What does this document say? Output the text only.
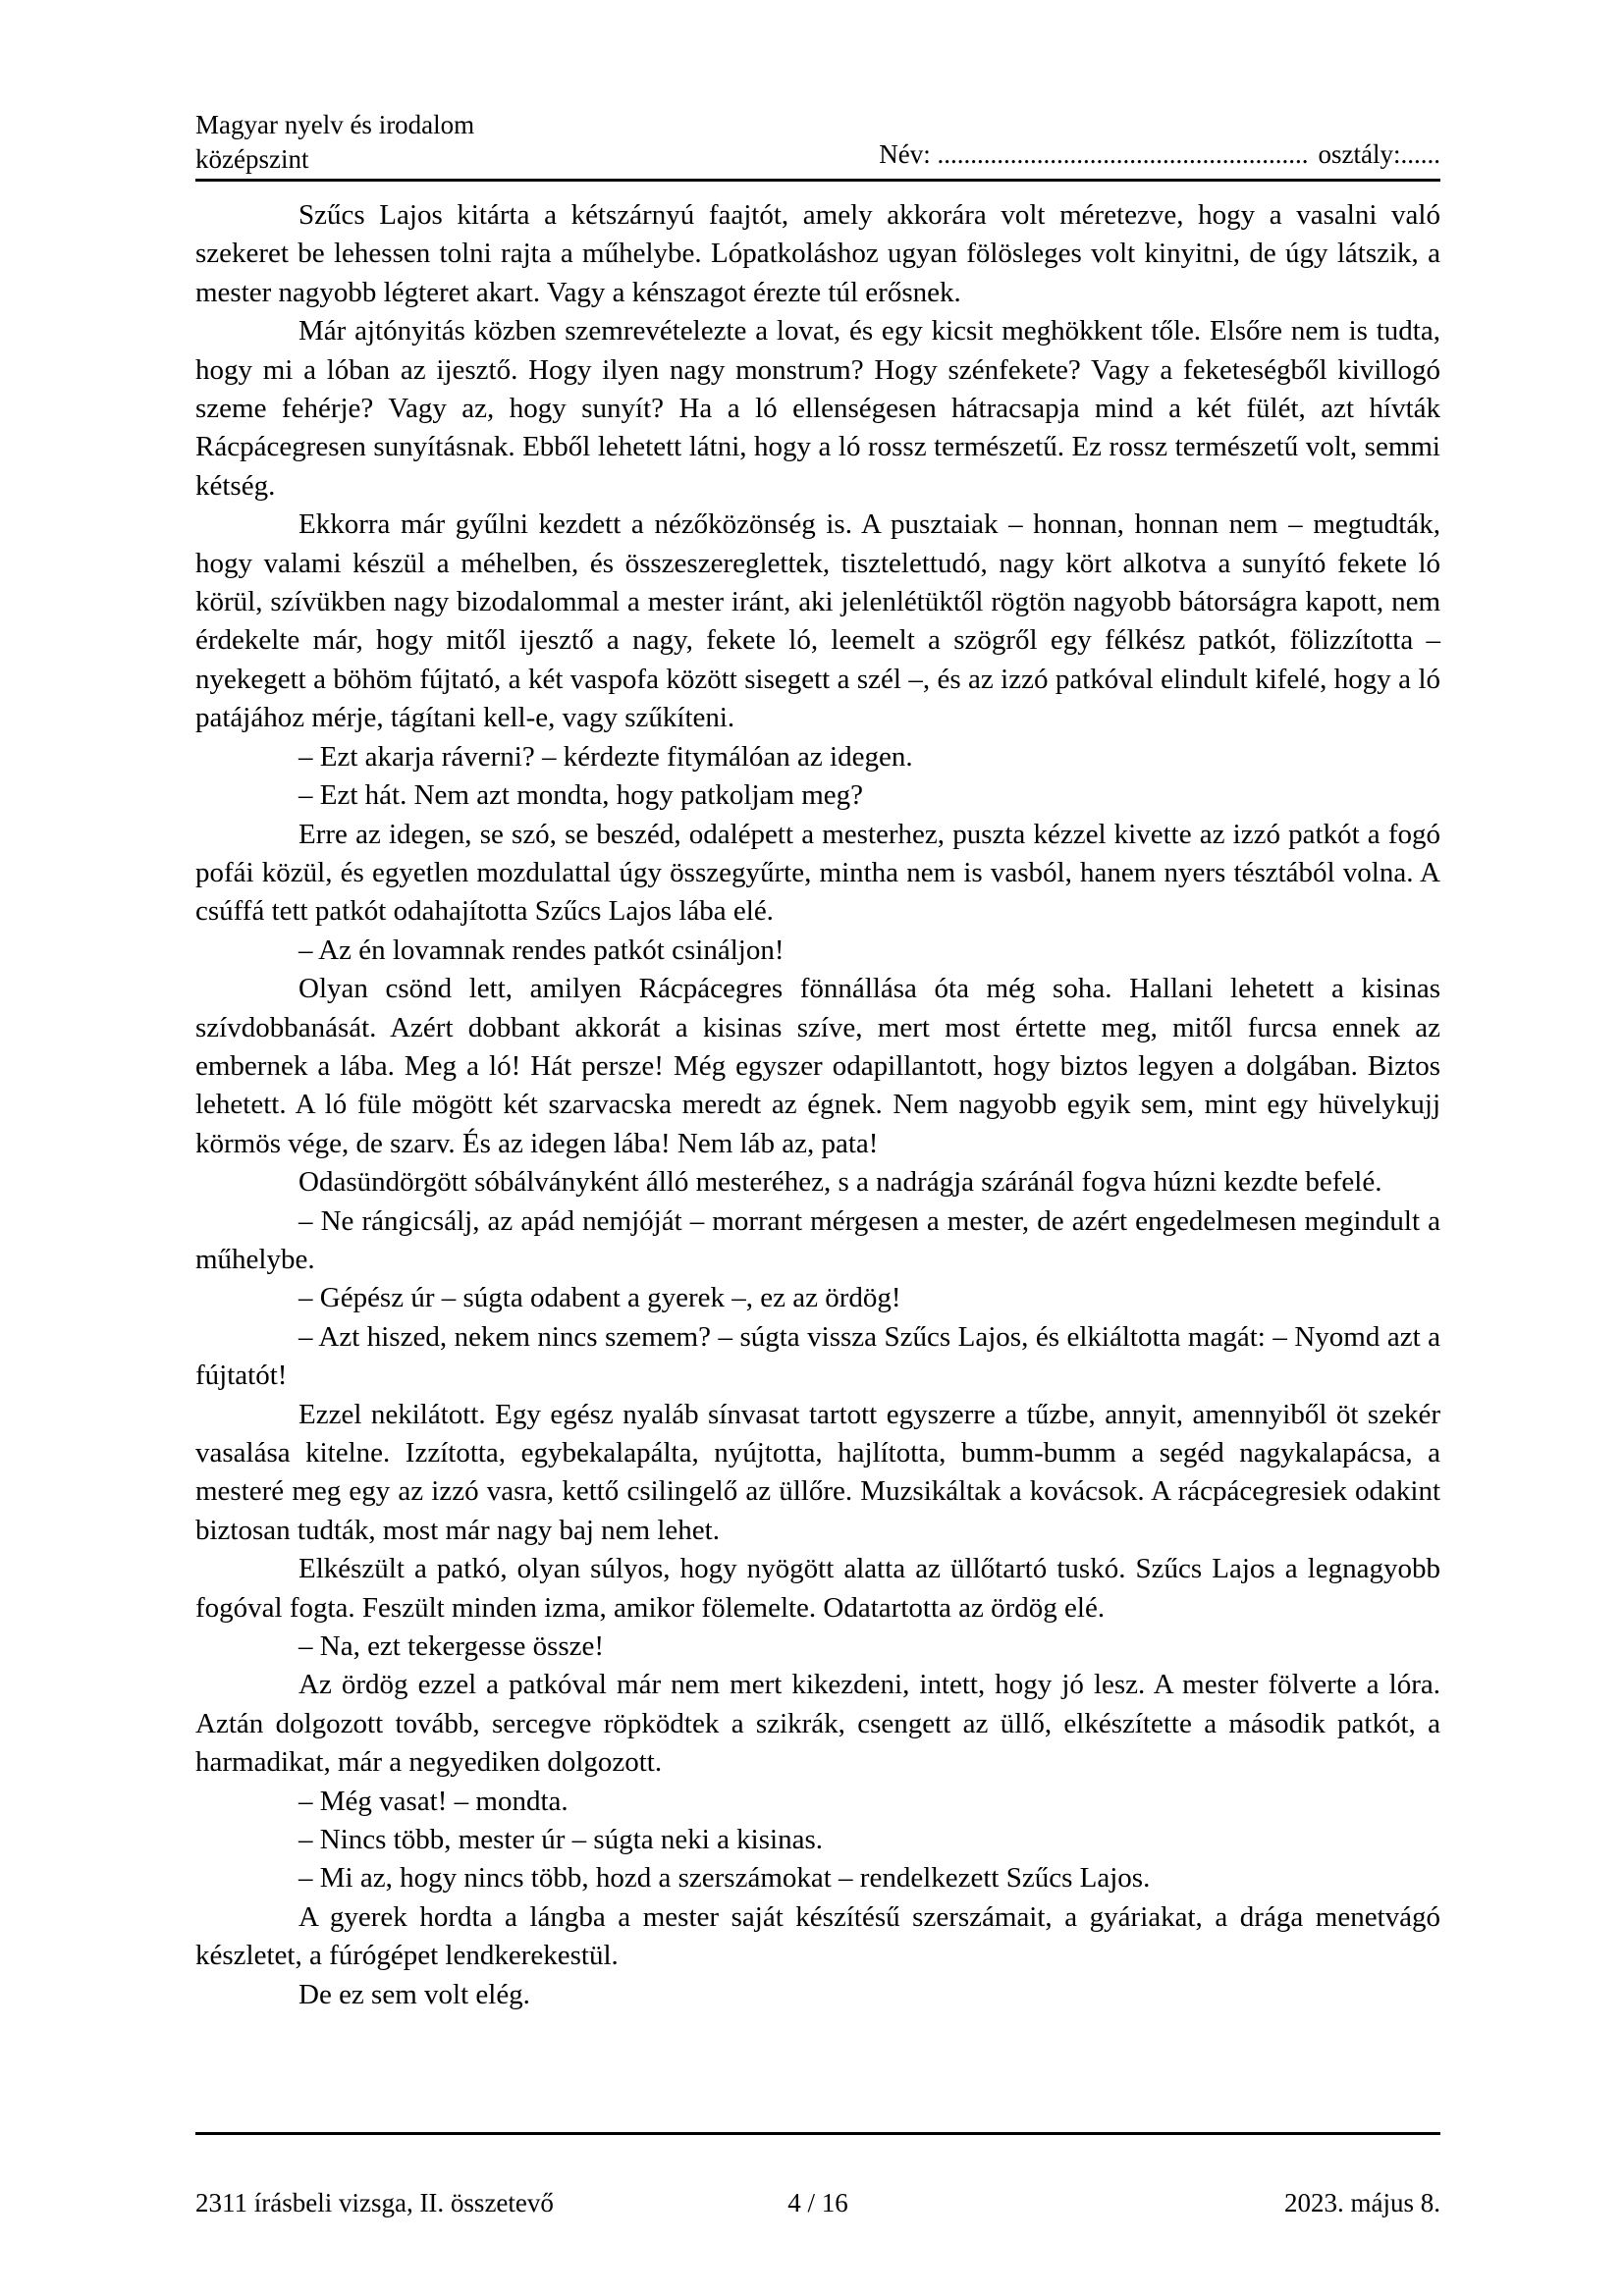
Magyar nyelv és irodalom
középszint	Név: ........................................................ osztály:......

Szűcs Lajos kitárta a kétszárnyú faajtót, amely akkorára volt méretezve, hogy a vasalni való szekeret be lehessen tolni rajta a műhelybe. Lópatkoláshoz ugyan fölösleges volt kinyitni, de úgy látszik, a mester nagyobb légteret akart. Vagy a kénszagot érezte túl erősnek.

Már ajtónyitás közben szemrevételezte a lovat, és egy kicsit meghökkent tőle. Elsőre nem is tudta, hogy mi a lóban az ijesztő. Hogy ilyen nagy monstrum? Hogy szénfekete? Vagy a feketeségből kivillogó szeme fehérje? Vagy az, hogy sunyít? Ha a ló ellenségesen hátracsapja mind a két fülét, azt hívták Rácpácegresen sunyításnak. Ebből lehetett látni, hogy a ló rossz természetű. Ez rossz természetű volt, semmi kétség.

Ekkorra már gyűlni kezdett a nézőközönség is. A pusztaiak – honnan, honnan nem – megtudták, hogy valami készül a méhelben, és összeszereglettek, tisztelettudó, nagy kört alkotva a sunyító fekete ló körül, szívükben nagy bizodalommal a mester iránt, aki jelenlétüktől rögtön nagyobb bátorságra kapott, nem érdekelte már, hogy mitől ijesztő a nagy, fekete ló, leemelt a szögről egy félkész patkót, fölizzította – nyekegett a böhöm fújtató, a két vaspofa között sisegett a szél –, és az izzó patkóval elindult kifelé, hogy a ló patájához mérje, tágítani kell-e, vagy szűkíteni.

– Ezt akarja ráverni? – kérdezte fitymálóan az idegen.

– Ezt hát. Nem azt mondta, hogy patkoljam meg?

Erre az idegen, se szó, se beszéd, odalépett a mesterhez, puszta kézzel kivette az izzó patkót a fogó pofái közül, és egyetlen mozdulattal úgy összegyűrte, mintha nem is vasból, hanem nyers tésztából volna. A csúffá tett patkót odahajította Szűcs Lajos lába elé.

– Az én lovamnak rendes patkót csináljon!

Olyan csönd lett, amilyen Rácpácegres fönnállása óta még soha. Hallani lehetett a kisinas szívdobbanását. Azért dobbant akkorát a kisinas szíve, mert most értette meg, mitől furcsa ennek az embernek a lába. Meg a ló! Hát persze! Még egyszer odapillantott, hogy biztos legyen a dolgában. Biztos lehetett. A ló füle mögött két szarvacska meredt az égnek. Nem nagyobb egyik sem, mint egy hüvelykujj körmös vége, de szarv. És az idegen lába! Nem láb az, pata!

Odasündörgött sóbálványként álló mesteréhez, s a nadrágja száránál fogva húzni kezdte befelé.

– Ne rángicsálj, az apád nemjóját – morrant mérgesen a mester, de azért engedelmesen megindult a műhelybe.

– Gépész úr – súgta odabent a gyerek –, ez az ördög!

– Azt hiszed, nekem nincs szemem? – súgta vissza Szűcs Lajos, és elkiáltotta magát: – Nyomd azt a fújtatót!

Ezzel nekilátott. Egy egész nyaláb sínvasat tartott egyszerre a tűzbe, annyit, amennyiből öt szekér vasalása kitelne. Izzította, egybekalapálta, nyújtotta, hajlította, bumm-bumm a segéd nagykalapácsa, a mesteré meg egy az izzó vasra, kettő csilingelő az üllőre. Muzsikáltak a kovácsok. A rácpácegresiek odakint biztosan tudták, most már nagy baj nem lehet.

Elkészült a patkó, olyan súlyos, hogy nyögött alatta az üllőtartó tuskó. Szűcs Lajos a legnagyobb fogóval fogta. Feszült minden izma, amikor fölemelte. Odatartotta az ördög elé.

– Na, ezt tekergesse össze!

Az ördög ezzel a patkóval már nem mert kikezdeni, intett, hogy jó lesz. A mester fölverte a lóra. Aztán dolgozott tovább, sercegve röpködtek a szikrák, csengett az üllő, elkészítette a második patkót, a harmadikat, már a negyediken dolgozott.

– Még vasat! – mondta.

– Nincs több, mester úr – súgta neki a kisinas.

– Mi az, hogy nincs több, hozd a szerszámokat – rendelkezett Szűcs Lajos.

A gyerek hordta a lángba a mester saját készítésű szerszámait, a gyáriakat, a drága menetvágó készletet, a fúrógépet lendkerekestül.

De ez sem volt elég.

2311 írásbeli vizsga, II. összetevő	4 / 16	2023. május 8.
